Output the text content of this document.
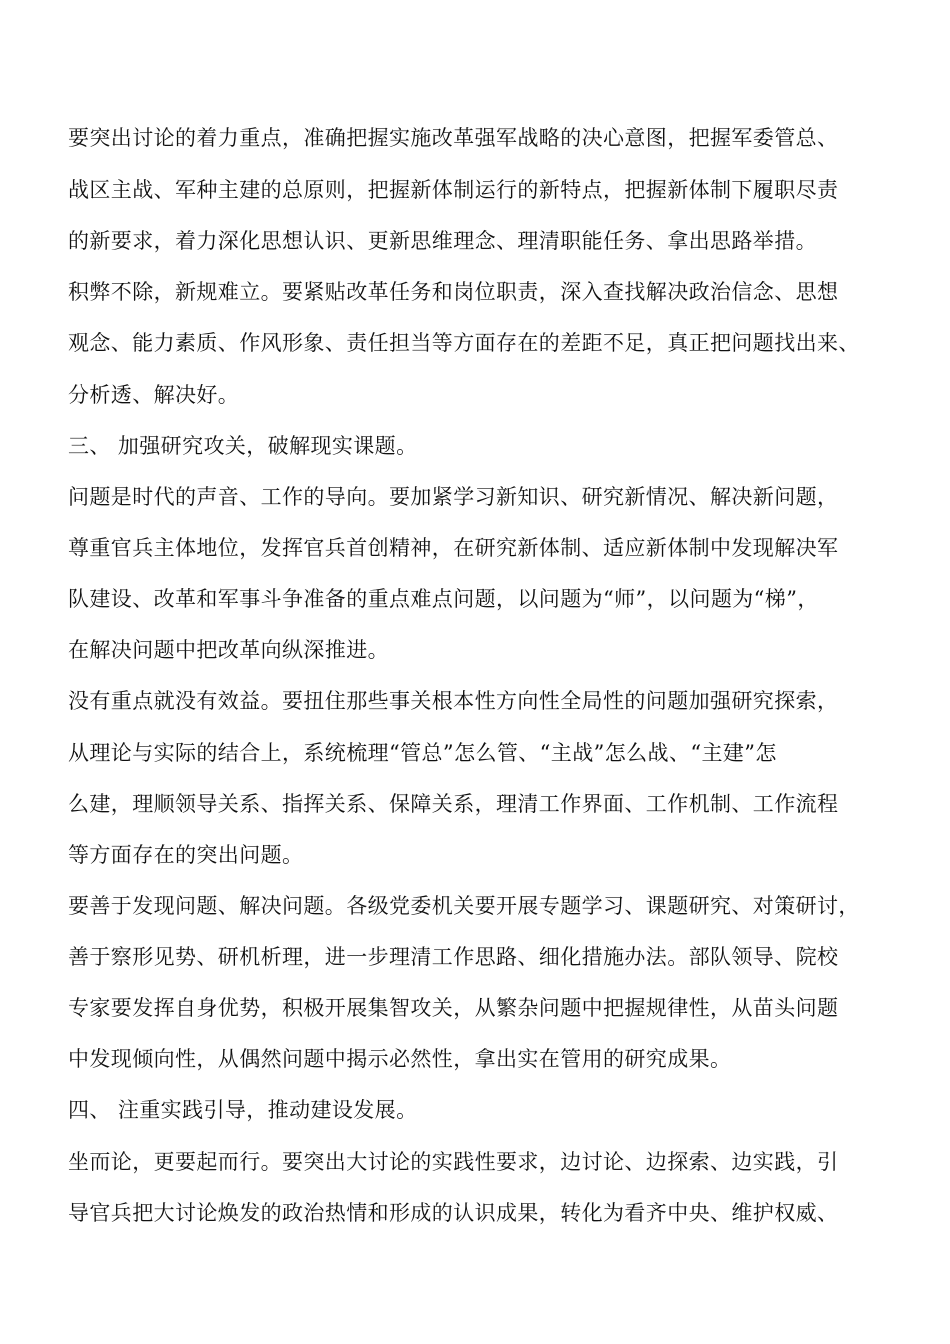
要突出讨论的着力重点，准确把握实施改革强军战略的决心意图，把握军委管总、
战区主战、军种主建的总原则，把握新体制运行的新特点，把握新体制下履职尽责
的新要求，着力深化思想认识、更新思维理念、理清职能任务、拿出思路举措。
积弊不除，新规难立。要紧贴改革任务和岗位职责，深入查找解决政治信念、思想
观念、能力素质、作风形象、责任担当等方面存在的差距不足，真正把问题找出来、
分析透、解决好。
三、 加强研究攻关，破解现实课题。
问题是时代的声音、工作的导向。要加紧学习新知识、研究新情况、解决新问题，
尊重官兵主体地位，发挥官兵首创精神，在研究新体制、适应新体制中发现解决军
队建设、改革和军事斗争准备的重点难点问题，以问题为“师”，以问题为“梯”，
在解决问题中把改革向纵深推进。
没有重点就没有效益。要扭住那些事关根本性方向性全局性的问题加强研究探索，
从理论与实际的结合上，系统梳理“管总”怎么管、“主战”怎么战、“主建”怎
么建，理顺领导关系、指挥关系、保障关系，理清工作界面、工作机制、工作流程
等方面存在的突出问题。
要善于发现问题、解决问题。各级党委机关要开展专题学习、课题研究、对策研讨，
善于察形见势、研机析理，进一步理清工作思路、细化措施办法。部队领导、院校
专家要发挥自身优势，积极开展集智攻关，从繁杂问题中把握规律性，从苗头问题
中发现倾向性，从偶然问题中揭示必然性，拿出实在管用的研究成果。
四、 注重实践引导，推动建设发展。
坐而论，更要起而行。要突出大讨论的实践性要求，边讨论、边探索、边实践，引
导官兵把大讨论焕发的政治热情和形成的认识成果，转化为看齐中央、维护权威、
